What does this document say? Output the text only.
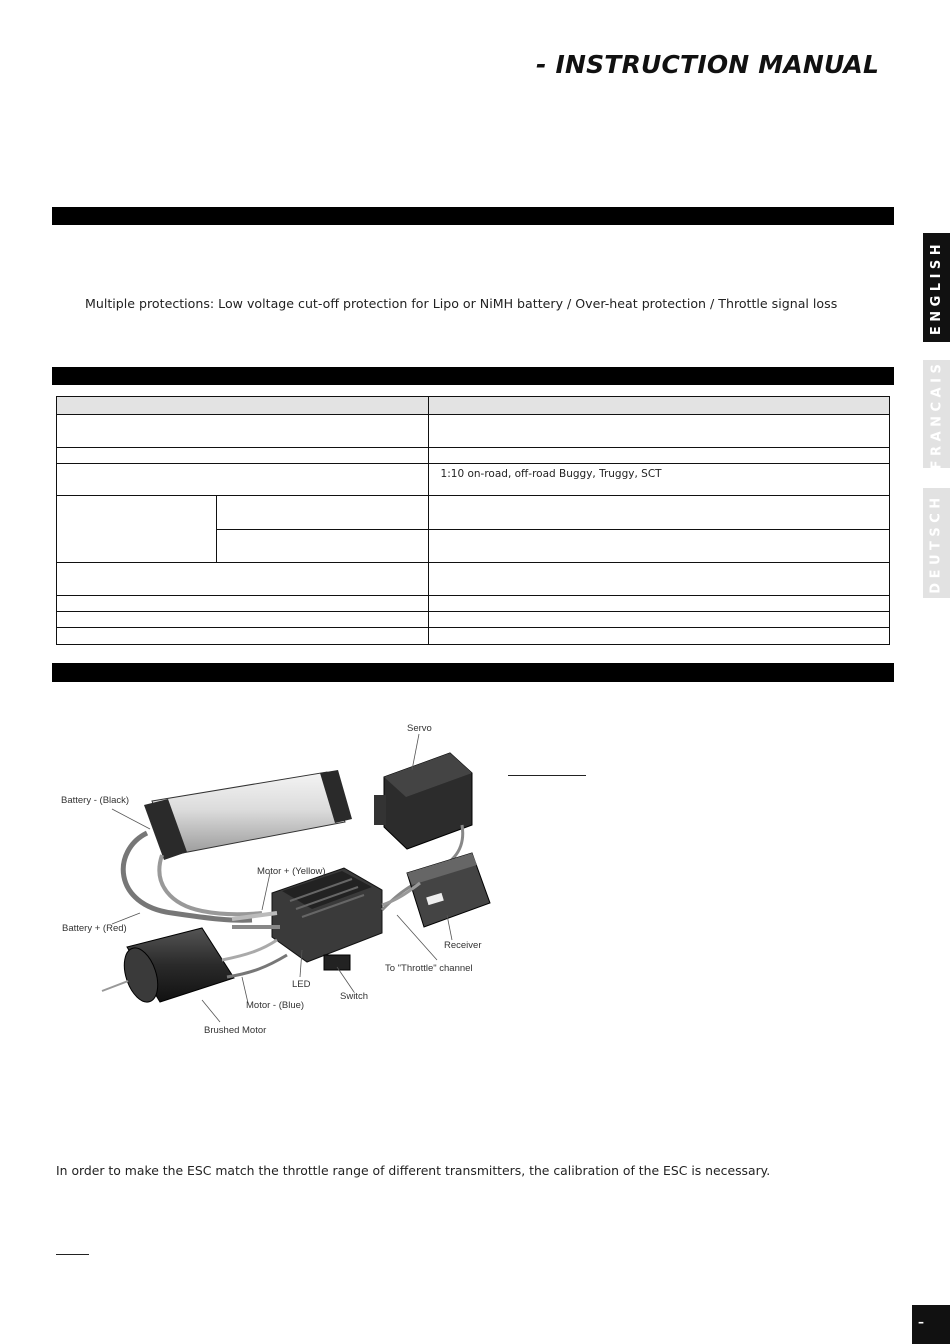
- INSTRUCTION MANUAL
Multiple protections: Low voltage cut-off protection for Lipo or NiMH battery / Over-heat protection / Throttle signal loss

		1:10 on-road, off-road Buggy, Truggy, SCT

Servo
Battery - (Black)
Motor + (Yellow)
Battery + (Red)
Receiver
To "Throttle" channel
LED
Switch
Motor - (Blue)
Brushed Motor
In order to make the ESC match the throttle range of different transmitters, the calibration of the ESC is necessary.
ENGLISH
FRANCAIS
DEUTSCH
–
